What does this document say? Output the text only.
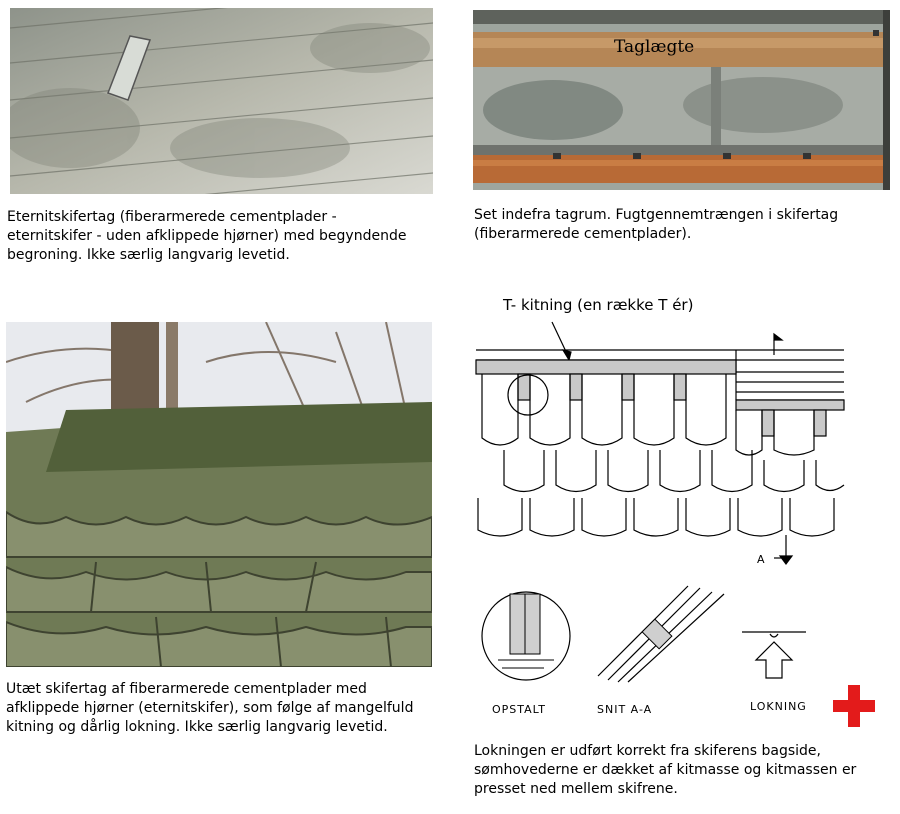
Eternitskifertag (fiberarmerede cementplader - eternitskifer - uden afklippede hjørner) med begyndende begroning. Ikke særlig langvarig levetid.
Taglægte
Set indefra tagrum. Fugtgennemtrængen i skifertag (fiberarmerede cementplader).
Utæt skifertag af fiberarmerede cementplader med afklippede hjørner (eternitskifer), som følge af mangelfuld kitning og dårlig lokning. Ikke særlig langvarig levetid.
T- kitning (en række T ér)
A
OPSTALT	SNIT A-A	LOKNING
Lokningen er udført korrekt fra skiferens bagside, sømhovederne er dækket af kitmasse og kitmassen er presset ned mellem skifrene.
